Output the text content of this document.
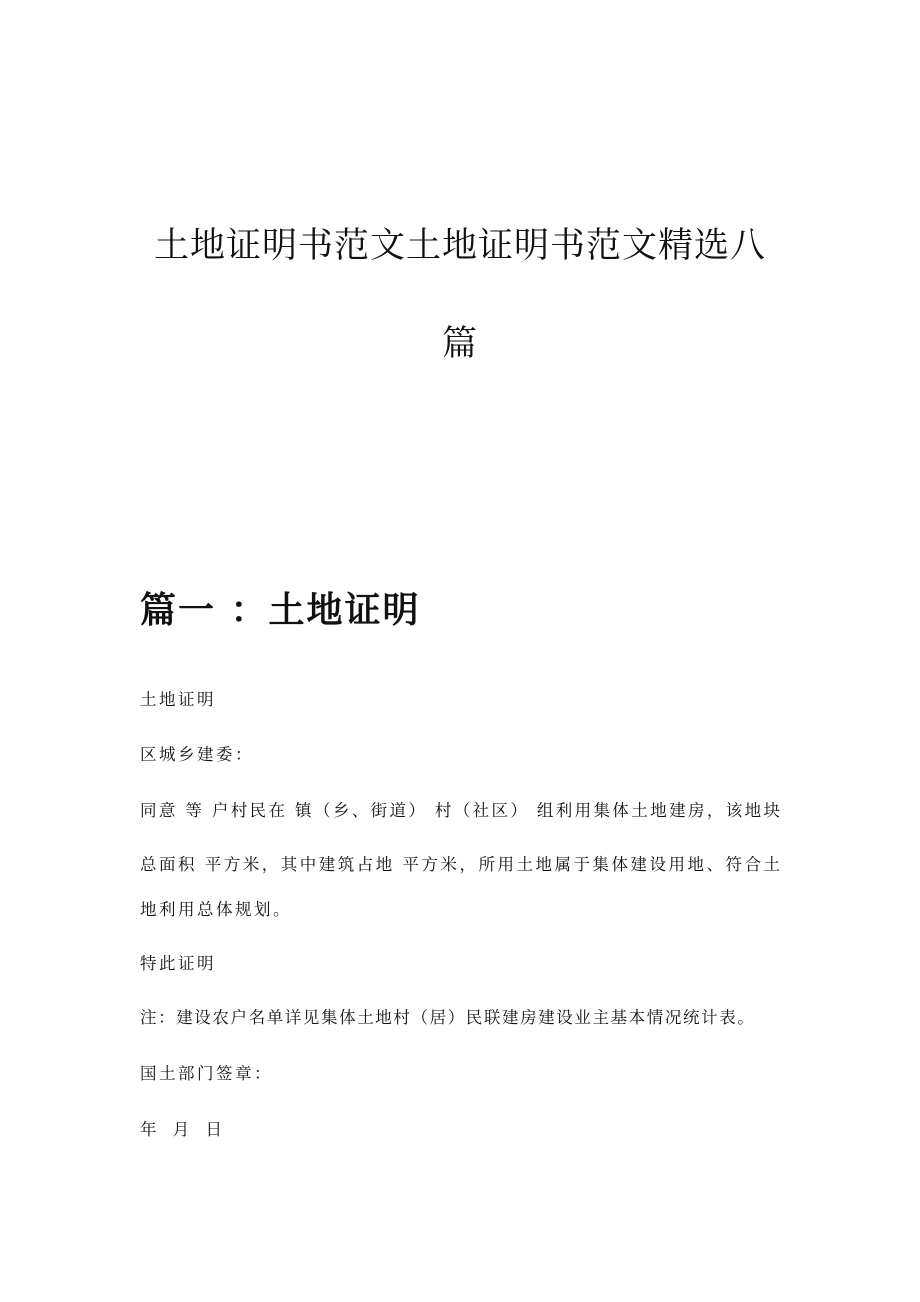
土地证明书范文土地证明书范文精选八
篇
篇一 ：土地证明
土地证明
区城乡建委：
同意 等 户村民在 镇（乡、街道） 村（社区） 组利用集体土地建房，该地块
总面积 平方米，其中建筑占地 平方米，所用土地属于集体建设用地、符合土
地利用总体规划。
特此证明
注：建设农户名单详见集体土地村（居）民联建房建设业主基本情况统计表。
国土部门签章：
年 月 日
